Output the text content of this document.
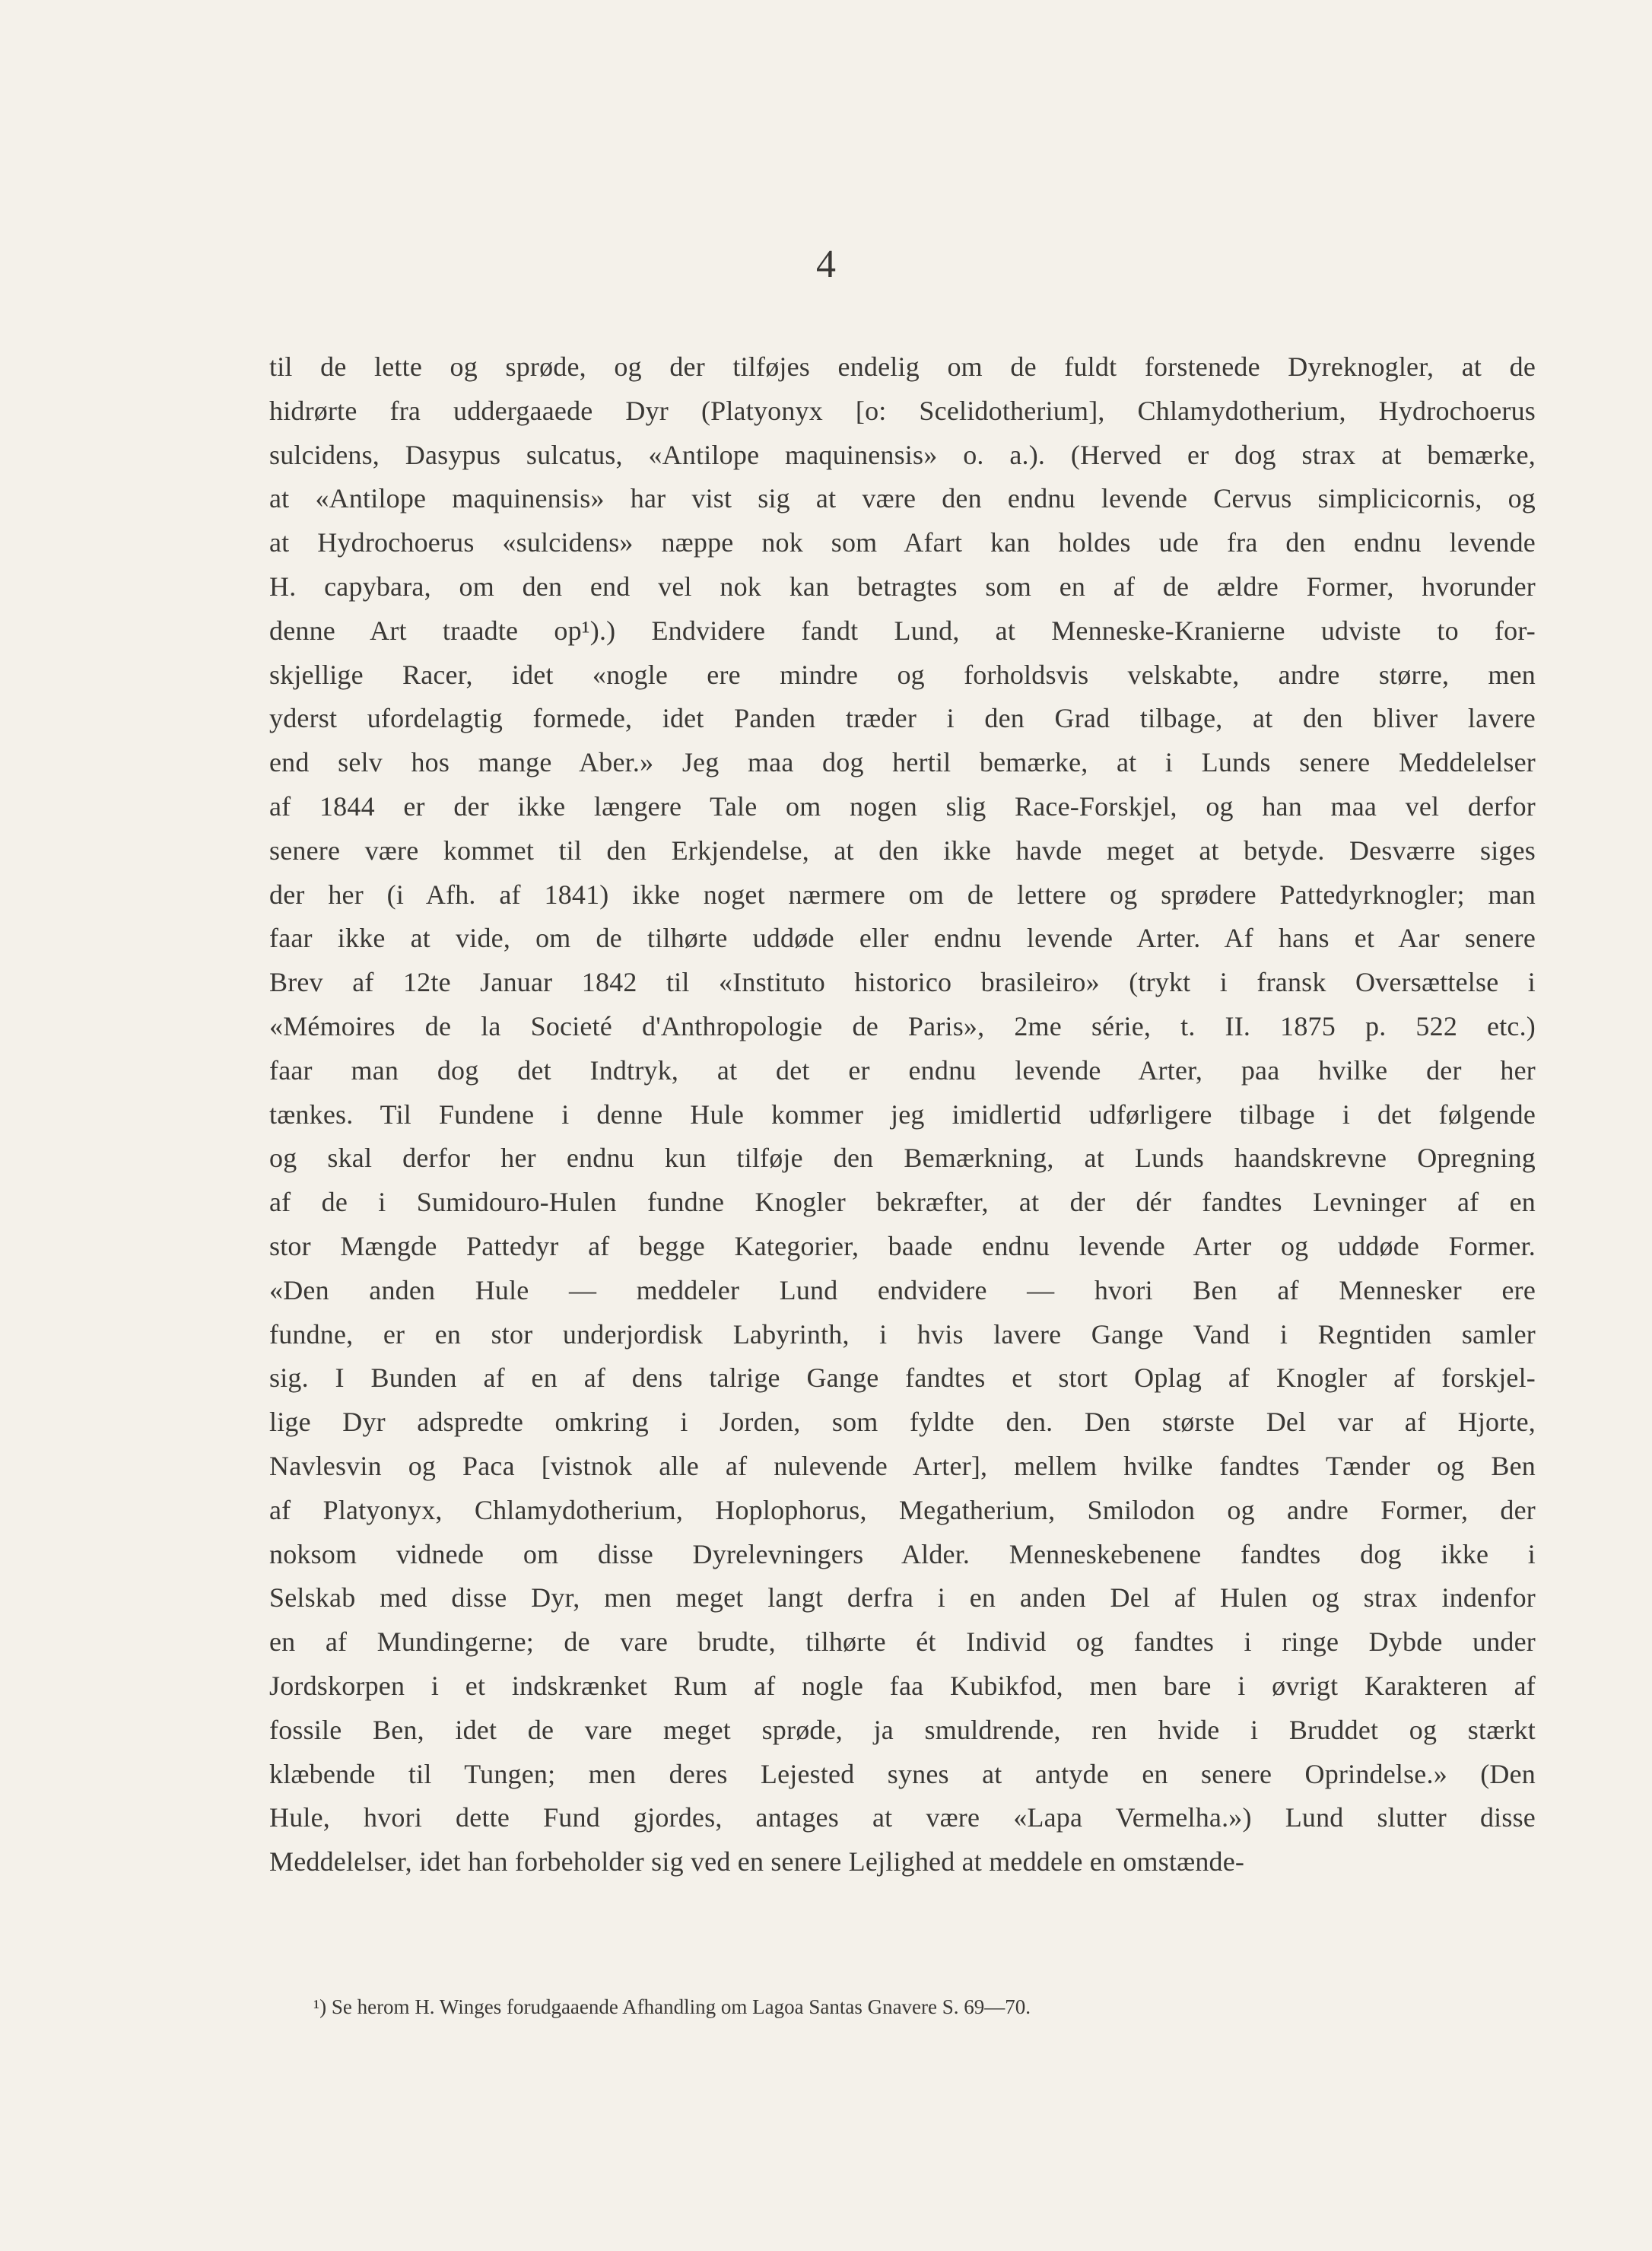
4
til de lette og sprøde, og der tilføjes endelig om de fuldt forstenede Dyreknogler, at de
hidrørte fra uddergaaede Dyr (Platyonyx [o: Scelidotherium], Chlamydotherium, Hydrochoerus
sulcidens, Dasypus sulcatus, «Antilope maquinensis» o. a.). (Herved er dog strax at bemærke,
at «Antilope maquinensis» har vist sig at være den endnu levende Cervus simplicicornis, og
at Hydrochoerus «sulcidens» næppe nok som Afart kan holdes ude fra den endnu levende
H. capybara, om den end vel nok kan betragtes som en af de ældre Former, hvorunder
denne Art traadte op¹).) Endvidere fandt Lund, at Menneske-Kranierne udviste to for-
skjellige Racer, idet «nogle ere mindre og forholdsvis velskabte, andre større, men
yderst ufordelagtig formede, idet Panden træder i den Grad tilbage, at den bliver lavere
end selv hos mange Aber.» Jeg maa dog hertil bemærke, at i Lunds senere Meddelelser
af 1844 er der ikke længere Tale om nogen slig Race-Forskjel, og han maa vel derfor
senere være kommet til den Erkjendelse, at den ikke havde meget at betyde. Desværre siges
der her (i Afh. af 1841) ikke noget nærmere om de lettere og sprødere Pattedyrknogler; man
faar ikke at vide, om de tilhørte uddøde eller endnu levende Arter. Af hans et Aar senere
Brev af 12te Januar 1842 til «Instituto historico brasileiro» (trykt i fransk Oversættelse i
«Mémoires de la Societé d'Anthropologie de Paris», 2me série, t. II. 1875 p. 522 etc.)
faar man dog det Indtryk, at det er endnu levende Arter, paa hvilke der her
tænkes. Til Fundene i denne Hule kommer jeg imidlertid udførligere tilbage i det følgende
og skal derfor her endnu kun tilføje den Bemærkning, at Lunds haandskrevne Opregning
af de i Sumidouro-Hulen fundne Knogler bekræfter, at der dér fandtes Levninger af en
stor Mængde Pattedyr af begge Kategorier, baade endnu levende Arter og uddøde Former.
«Den anden Hule — meddeler Lund endvidere — hvori Ben af Mennesker ere
fundne, er en stor underjordisk Labyrinth, i hvis lavere Gange Vand i Regntiden samler
sig. I Bunden af en af dens talrige Gange fandtes et stort Oplag af Knogler af forskjel-
lige Dyr adspredte omkring i Jorden, som fyldte den. Den største Del var af Hjorte,
Navlesvin og Paca [vistnok alle af nulevende Arter], mellem hvilke fandtes Tænder og Ben
af Platyonyx, Chlamydotherium, Hoplophorus, Megatherium, Smilodon og andre Former, der
noksom vidnede om disse Dyrelevningers Alder. Menneskebenene fandtes dog ikke i
Selskab med disse Dyr, men meget langt derfra i en anden Del af Hulen og strax indenfor
en af Mundingerne; de vare brudte, tilhørte ét Individ og fandtes i ringe Dybde under
Jordskorpen i et indskrænket Rum af nogle faa Kubikfod, men bare i øvrigt Karakteren af
fossile Ben, idet de vare meget sprøde, ja smuldrende, ren hvide i Bruddet og stærkt
klæbende til Tungen; men deres Lejested synes at antyde en senere Oprindelse.» (Den
Hule, hvori dette Fund gjordes, antages at være «Lapa Vermelha.») Lund slutter disse
Meddelelser, idet han forbeholder sig ved en senere Lejlighed at meddele en omstænde-
¹) Se herom H. Winges forudgaaende Afhandling om Lagoa Santas Gnavere S. 69—70.
